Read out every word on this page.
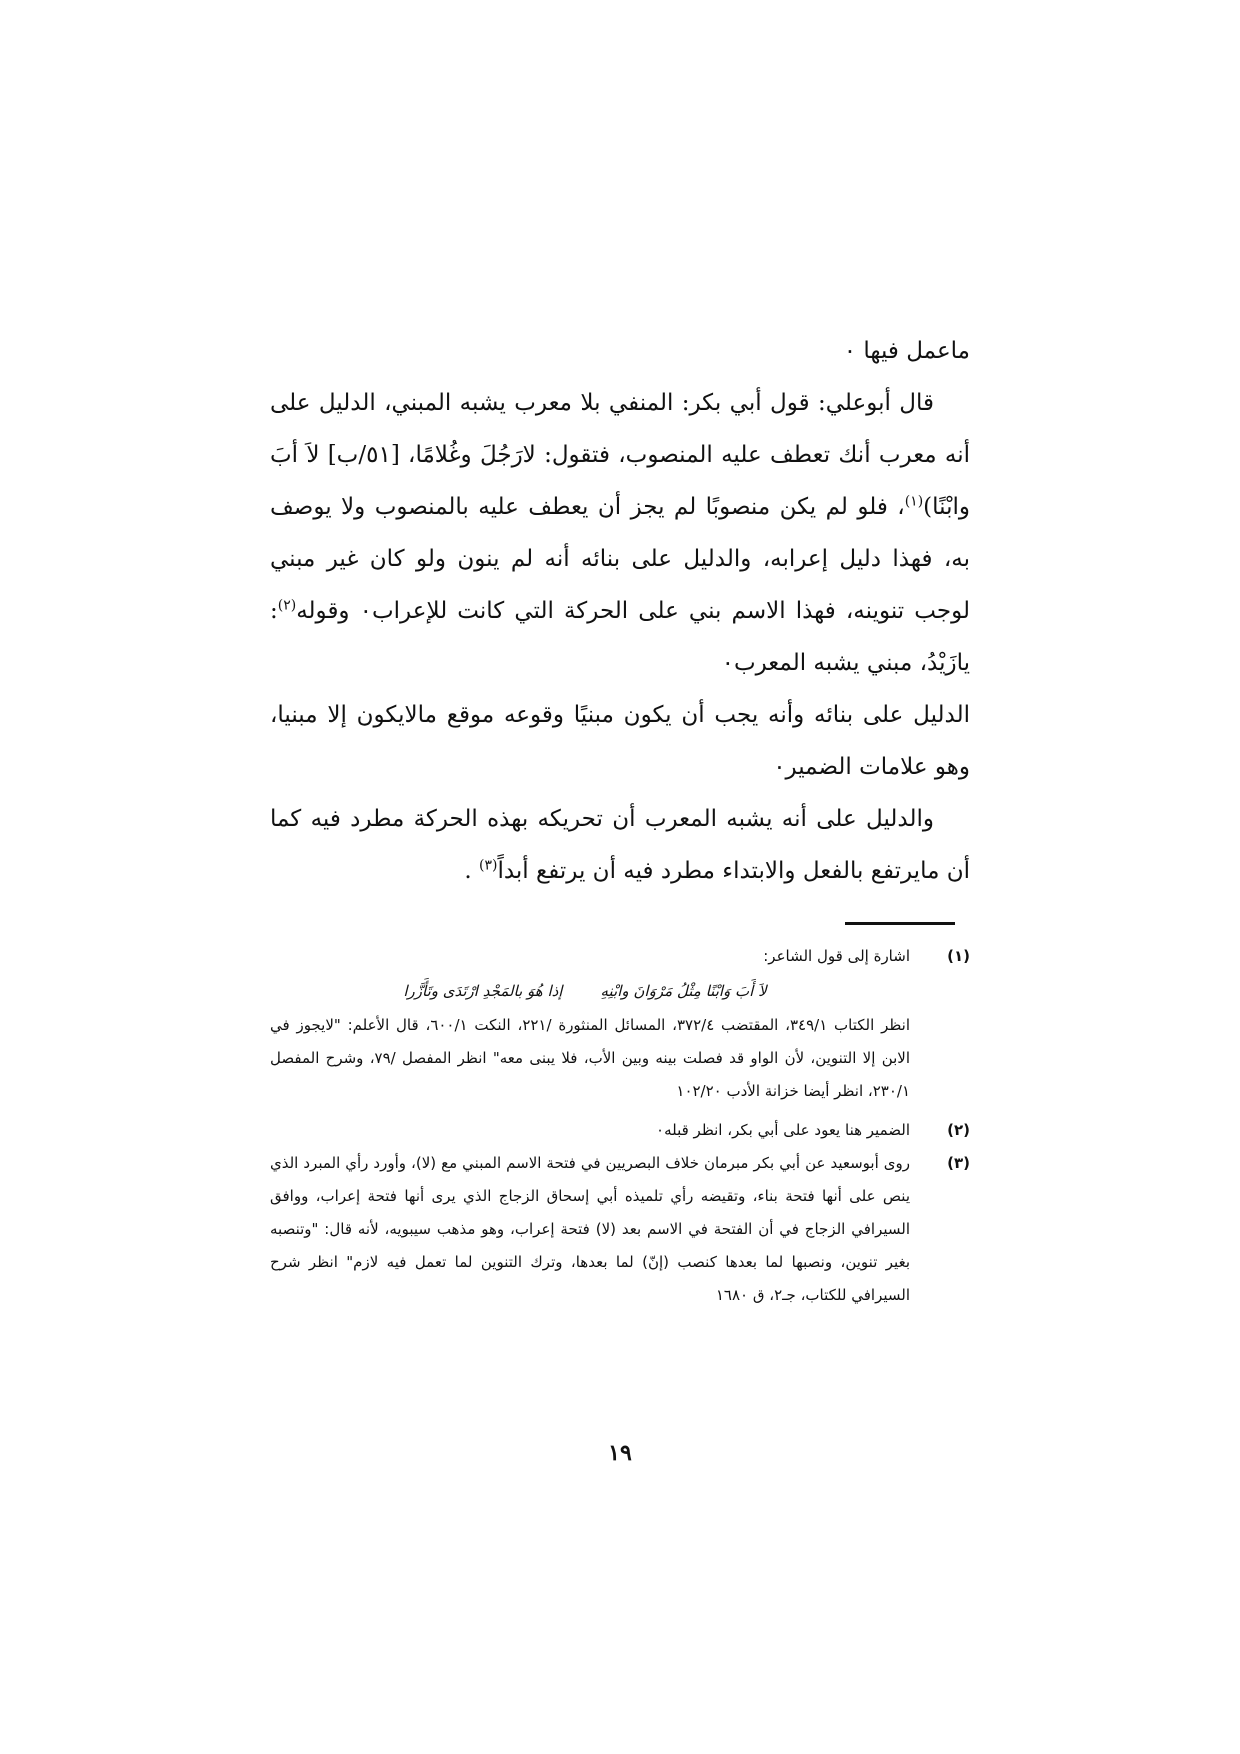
ماعمل فيها ٠

قال أبوعلي: قول أبي بكر: المنفي بلا معرب يشبه المبني، الدليل على أنه معرب أنك تعطف عليه المنصوب، فتقول: لارَجُلَ وغُلامًا، [٥١/ب] لاَ أبَ وابْنًا)$^{(١)}$، فلو لم يكن منصوبًا لم يجز أن يعطف عليه بالمنصوب ولا يوصف به، فهذا دليل إعرابه، والدليل على بنائه أنه لم ينون ولو كان غير مبني لوجب تنوينه، فهذا الاسم بني على الحركة التي كانت للإعراب٠ وقوله$^{(٢)}$: يازَيْدُ، مبني يشبه المعرب٠

الدليل على بنائه وأنه يجب أن يكون مبنيًا وقوعه موقع مالايكون إلا مبنيا، وهو علامات الضمير٠

والدليل على أنه يشبه المعرب أن تحريكه بهذه الحركة مطرد فيه كما أن مايرتفع بالفعل والابتداء مطرد فيه أن يرتفع أبداً$^{(٣)}$ .

(١)

اشارة إلى قول الشاعر:

لاَ أَبَ وَابْنًا مِثْلُ مَرْوَانَ وابْنِهِ
إذا هُوَ بالمَجْدِ ارْتَدَى وتَأَزَّرا

انظر الكتاب ٣٤٩/١، المقتضب ٣٧٢/٤، المسائل المنثورة /٢٢١، النكت ٦٠٠/١، قال الأعلم: "لايجوز في الابن إلا التنوين، لأن الواو قد فصلت بينه وبين الأب، فلا يبنى معه" انظر المفصل /٧٩، وشرح المفصل ٢٣٠/١، انظر أيضا خزانة الأدب ١٠٢/٢٠

(٢)

الضمير هنا يعود على أبي بكر، انظر قبله٠

(٣)

روى أبوسعيد عن أبي بكر مبرمان خلاف البصريين في فتحة الاسم المبني مع (لا)، وأورد رأي المبرد الذي ينص على أنها فتحة بناء، وتقيضه رأي تلميذه أبي إسحاق الزجاج الذي يرى أنها فتحة إعراب، ووافق السيرافي الزجاج في أن الفتحة في الاسم بعد (لا) فتحة إعراب، وهو مذهب سيبويه، لأنه قال: "وتنصبه بغير تنوين، ونصبها لما بعدها كنصب (إنّ) لما بعدها، وترك التنوين لما تعمل فيه لازم" انظر شرح السيرافي للكتاب، جـ٢، ق ١٦٨٠

١٩
